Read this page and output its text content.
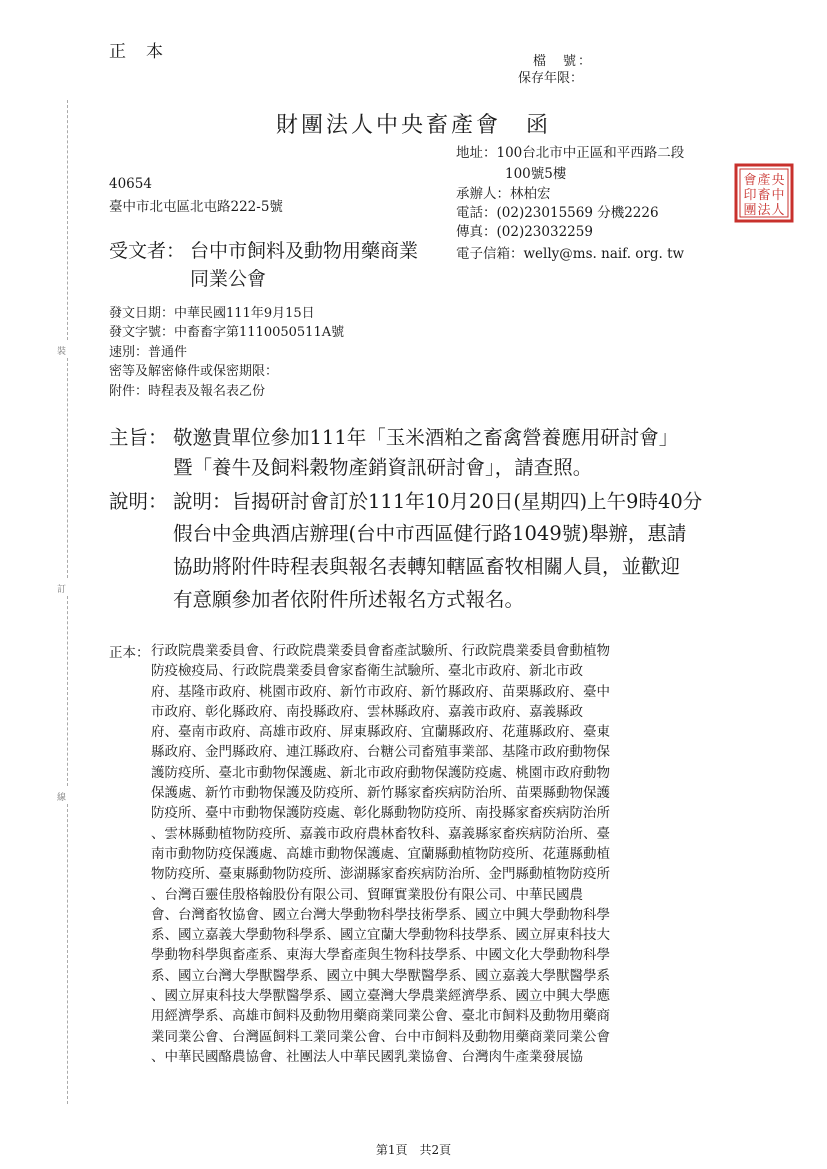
裝
訂
線
正本	檔　號：
保存年限：
財團法人中央畜產會　函
地址：100台北市中正區和平西路二段
100號5樓
承辦人：林柏宏
電話：(02)23015569 分機2226
傳真：(02)23032259
電子信箱：welly@ms. naif. org. tw
40654
臺中市北屯區北屯路222-5號
受文者： 台中市飼料及動物用藥商業
同業公會
發文日期：中華民國111年9月15日
發文字號：中畜畜字第1110050511A號
速別：普通件
密等及解密條件或保密期限：
附件：時程表及報名表乙份
主旨： 敬邀貴單位參加111年「玉米酒粕之畜禽營養應用研討會」
暨「養牛及飼料穀物產銷資訊研討會」，請查照。
說明： 說明：旨揭研討會訂於111年10月20日(星期四)上午9時40分
假台中金典酒店辦理(台中市西區健行路1049號)舉辦，惠請
協助將附件時程表與報名表轉知轄區畜牧相關人員，並歡迎
有意願參加者依附件所述報名方式報名。
正本： 行政院農業委員會、行政院農業委員會畜產試驗所、行政院農業委員會動植物
防疫檢疫局、行政院農業委員會家畜衛生試驗所、臺北市政府、新北市政
府、基隆市政府、桃園市政府、新竹市政府、新竹縣政府、苗栗縣政府、臺中
市政府、彰化縣政府、南投縣政府、雲林縣政府、嘉義市政府、嘉義縣政
府、臺南市政府、高雄市政府、屏東縣政府、宜蘭縣政府、花蓮縣政府、臺東
縣政府、金門縣政府、連江縣政府、台糖公司畜殖事業部、基隆市政府動物保
護防疫所、臺北市動物保護處、新北市政府動物保護防疫處、桃園市政府動物
保護處、新竹市動物保護及防疫所、新竹縣家畜疾病防治所、苗栗縣動物保護
防疫所、臺中市動物保護防疫處、彰化縣動物防疫所、南投縣家畜疾病防治所
、雲林縣動植物防疫所、嘉義市政府農林畜牧科、嘉義縣家畜疾病防治所、臺
南市動物防疫保護處、高雄市動物保護處、宜蘭縣動植物防疫所、花蓮縣動植
物防疫所、臺東縣動物防疫所、澎湖縣家畜疾病防治所、金門縣動植物防疫所
、台灣百靈佳殷格翰股份有限公司、貿暉實業股份有限公司、中華民國農
會、台灣畜牧協會、國立台灣大學動物科學技術學系、國立中興大學動物科學
系、國立嘉義大學動物科學系、國立宜蘭大學動物科技學系、國立屏東科技大
學動物科學與畜產系、東海大學畜產與生物科技學系、中國文化大學動物科學
系、國立台灣大學獸醫學系、國立中興大學獸醫學系、國立嘉義大學獸醫學系
、國立屏東科技大學獸醫學系、國立臺灣大學農業經濟學系、國立中興大學應
用經濟學系、高雄市飼料及動物用藥商業同業公會、臺北市飼料及動物用藥商
業同業公會、台灣區飼料工業同業公會、台中市飼料及動物用藥商業同業公會
、中華民國酪農協會、社團法人中華民國乳業協會、台灣肉牛產業發展協
第1頁　共2頁
央
中
人
產
畜
法
會
印
團
